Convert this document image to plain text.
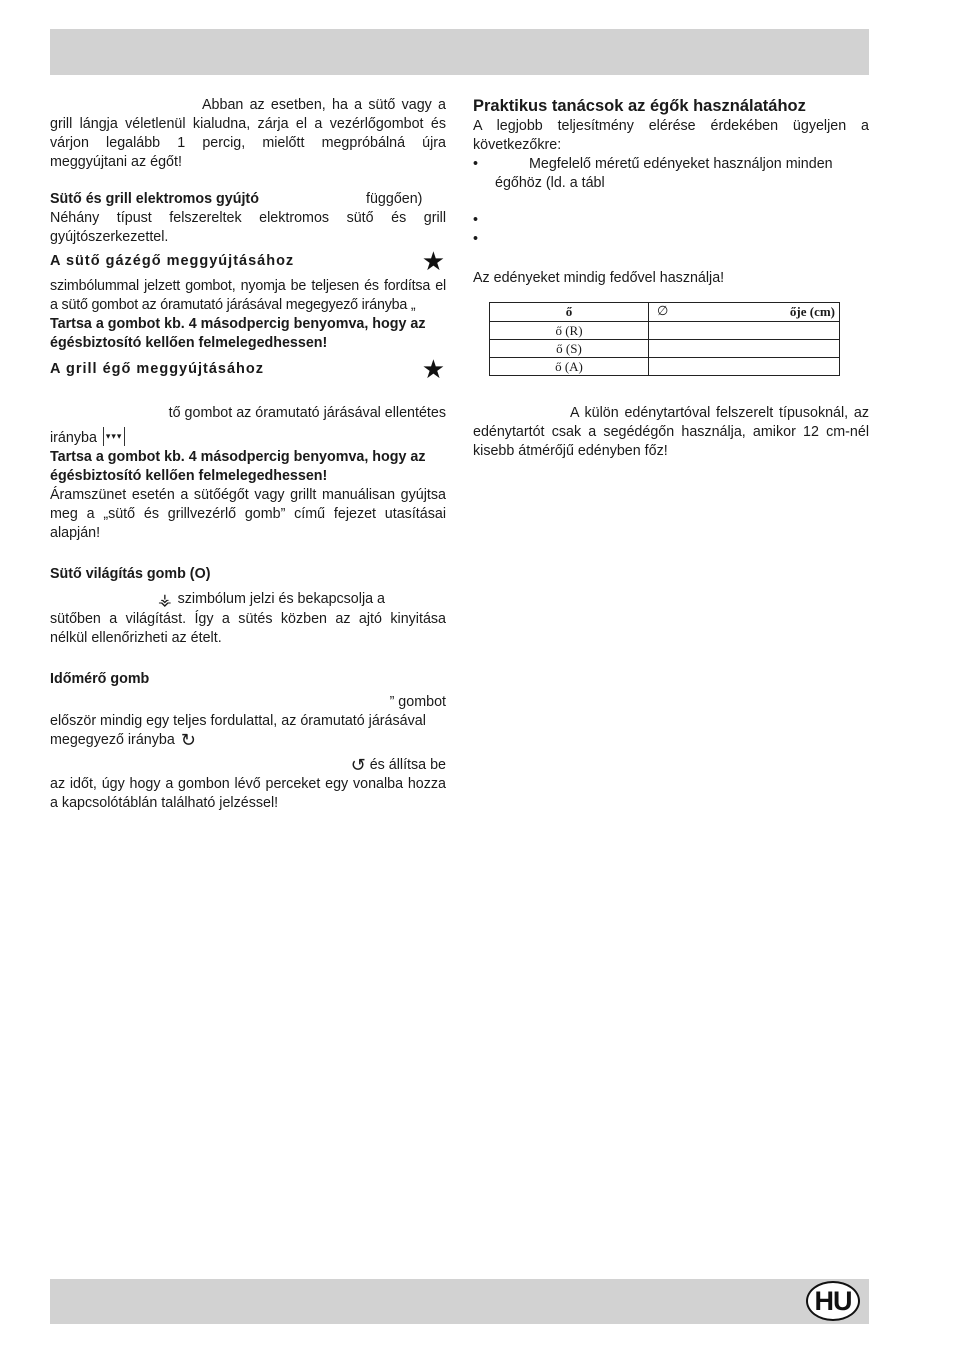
HU

Abban az esetben, ha a sütő vagy a grill lángja véletlenül kialudna, zárja el a vezérlőgombot és várjon legalább 1 percig, mielőtt megpróbálná újra meggyújtani az égőt!

Sütő és grill elektromos gyújtó	függően)

Néhány típust felszereltek elektromos sütő és grill gyújtószerkezettel.

A sütő gázégő meggyújtásához	★

szimbólummal jelzett gombot, nyomja be teljesen és fordítsa el a sütő gombot az óramutató járásával megegyező irányba „

Tartsa a gombot kb. 4 másodpercig benyomva, hogy az égésbiztosító kellően felmelegedhessen!

A grill égő meggyújtásához	★

tő gombot az óramutató járásával ellentétes

irányba ▾▾▾

Tartsa a gombot kb. 4 másodpercig benyomva, hogy az égésbiztosító kellően felmelegedhessen!

Áramszünet esetén a sütőégőt vagy grillt manuálisan gyújtsa meg a „sütő és grillvezérlő gomb” című fejezet utasításai alapján!

Sütő világítás gomb (O)

⚶ szimbólum jelzi és bekapcsolja a

sütőben a világítást. Így a sütés közben az ajtó kinyitása nélkül ellenőrizheti az ételt.

Időmérő gomb

” gombot

először mindig egy teljes fordulattal, az óramutató járásával megegyező irányba ↻

↺ és állítsa be

az időt, úgy hogy a gombon lévő perceket egy vonalba hozza a kapcsolótáblán található jelzéssel!

Praktikus tanácsok az égők használatához

A legjobb teljesítmény elérése érdekében ügyeljen a következőkre:

•	Megfelelő méretű edényeket használjon minden
égőhöz (ld. a tábl
•
•

Az edényeket mindig fedővel használja!

ő	∅ ője (cm)
ő (R)	
ő (S)	
ő (A)	

A külön edénytartóval felszerelt típusoknál, az edénytartót csak a segédégőn használja, amikor 12 cm-nél kisebb átmérőjű edényben főz!
